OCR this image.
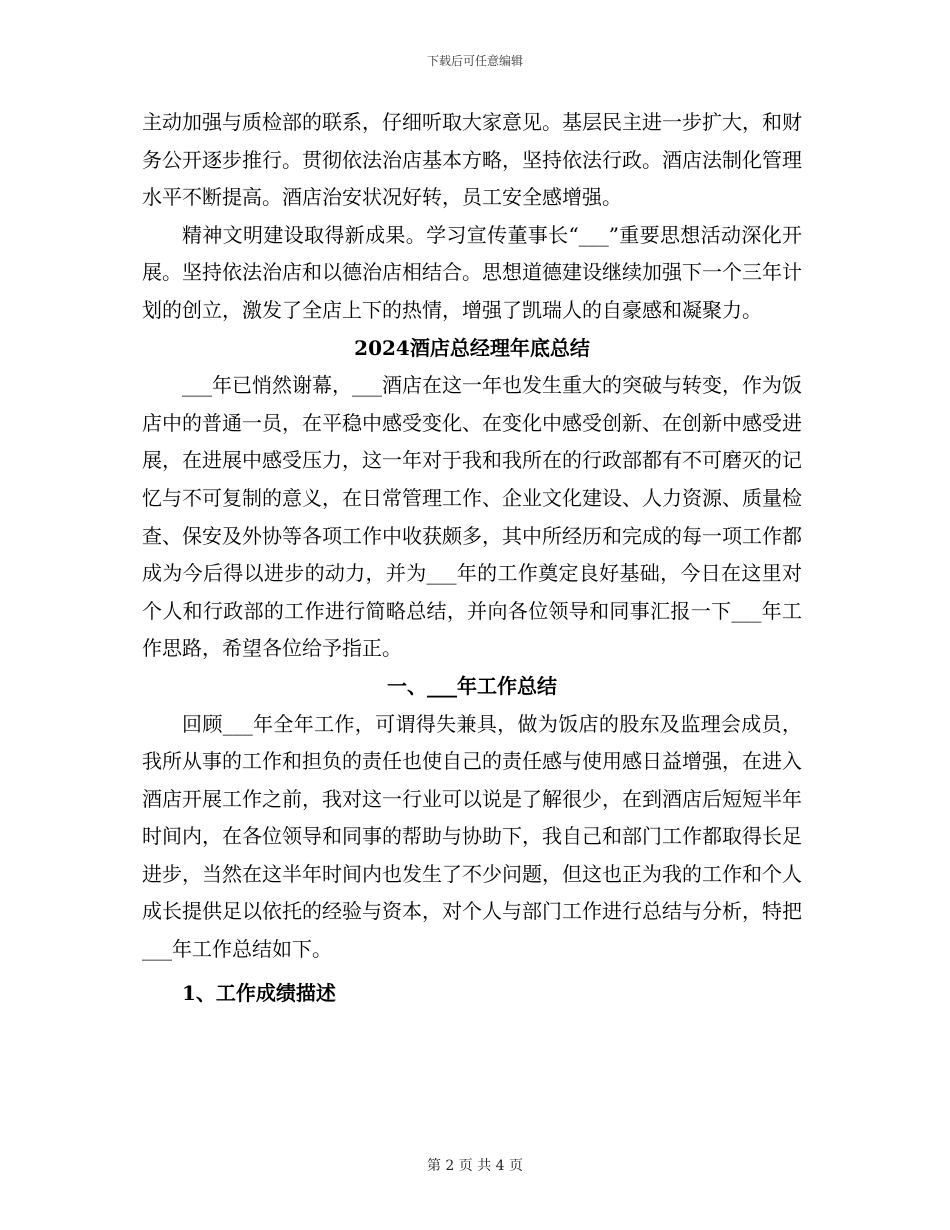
下载后可任意编辑

主动加强与质检部的联系，仔细听取大家意见。基层民主进一步扩大，和财务公开逐步推行。贯彻依法治店基本方略，坚持依法行政。酒店法制化管理水平不断提高。酒店治安状况好转，员工安全感增强。

精神文明建设取得新成果。学习宣传董事长“___”重要思想活动深化开展。坚持依法治店和以德治店相结合。思想道德建设继续加强下一个三年计划的创立，激发了全店上下的热情，增强了凯瑞人的自豪感和凝聚力。

2024酒店总经理年底总结

___年已悄然谢幕，___酒店在这一年也发生重大的突破与转变，作为饭店中的普通一员，在平稳中感受变化、在变化中感受创新、在创新中感受进展，在进展中感受压力，这一年对于我和我所在的行政部都有不可磨灭的记忆与不可复制的意义，在日常管理工作、企业文化建设、人力资源、质量检查、保安及外协等各项工作中收获颇多，其中所经历和完成的每一项工作都成为今后得以进步的动力，并为___年的工作奠定良好基础，今日在这里对个人和行政部的工作进行简略总结，并向各位领导和同事汇报一下___年工作思路，希望各位给予指正。

一、___年工作总结

回顾___年全年工作，可谓得失兼具，做为饭店的股东及监理会成员，我所从事的工作和担负的责任也使自己的责任感与使用感日益增强，在进入酒店开展工作之前，我对这一行业可以说是了解很少，在到酒店后短短半年时间内，在各位领导和同事的帮助与协助下，我自己和部门工作都取得长足进步，当然在这半年时间内也发生了不少问题，但这也正为我的工作和个人成长提供足以依托的经验与资本，对个人与部门工作进行总结与分析，特把___年工作总结如下。

1、工作成绩描述

第 2 页 共 4 页
